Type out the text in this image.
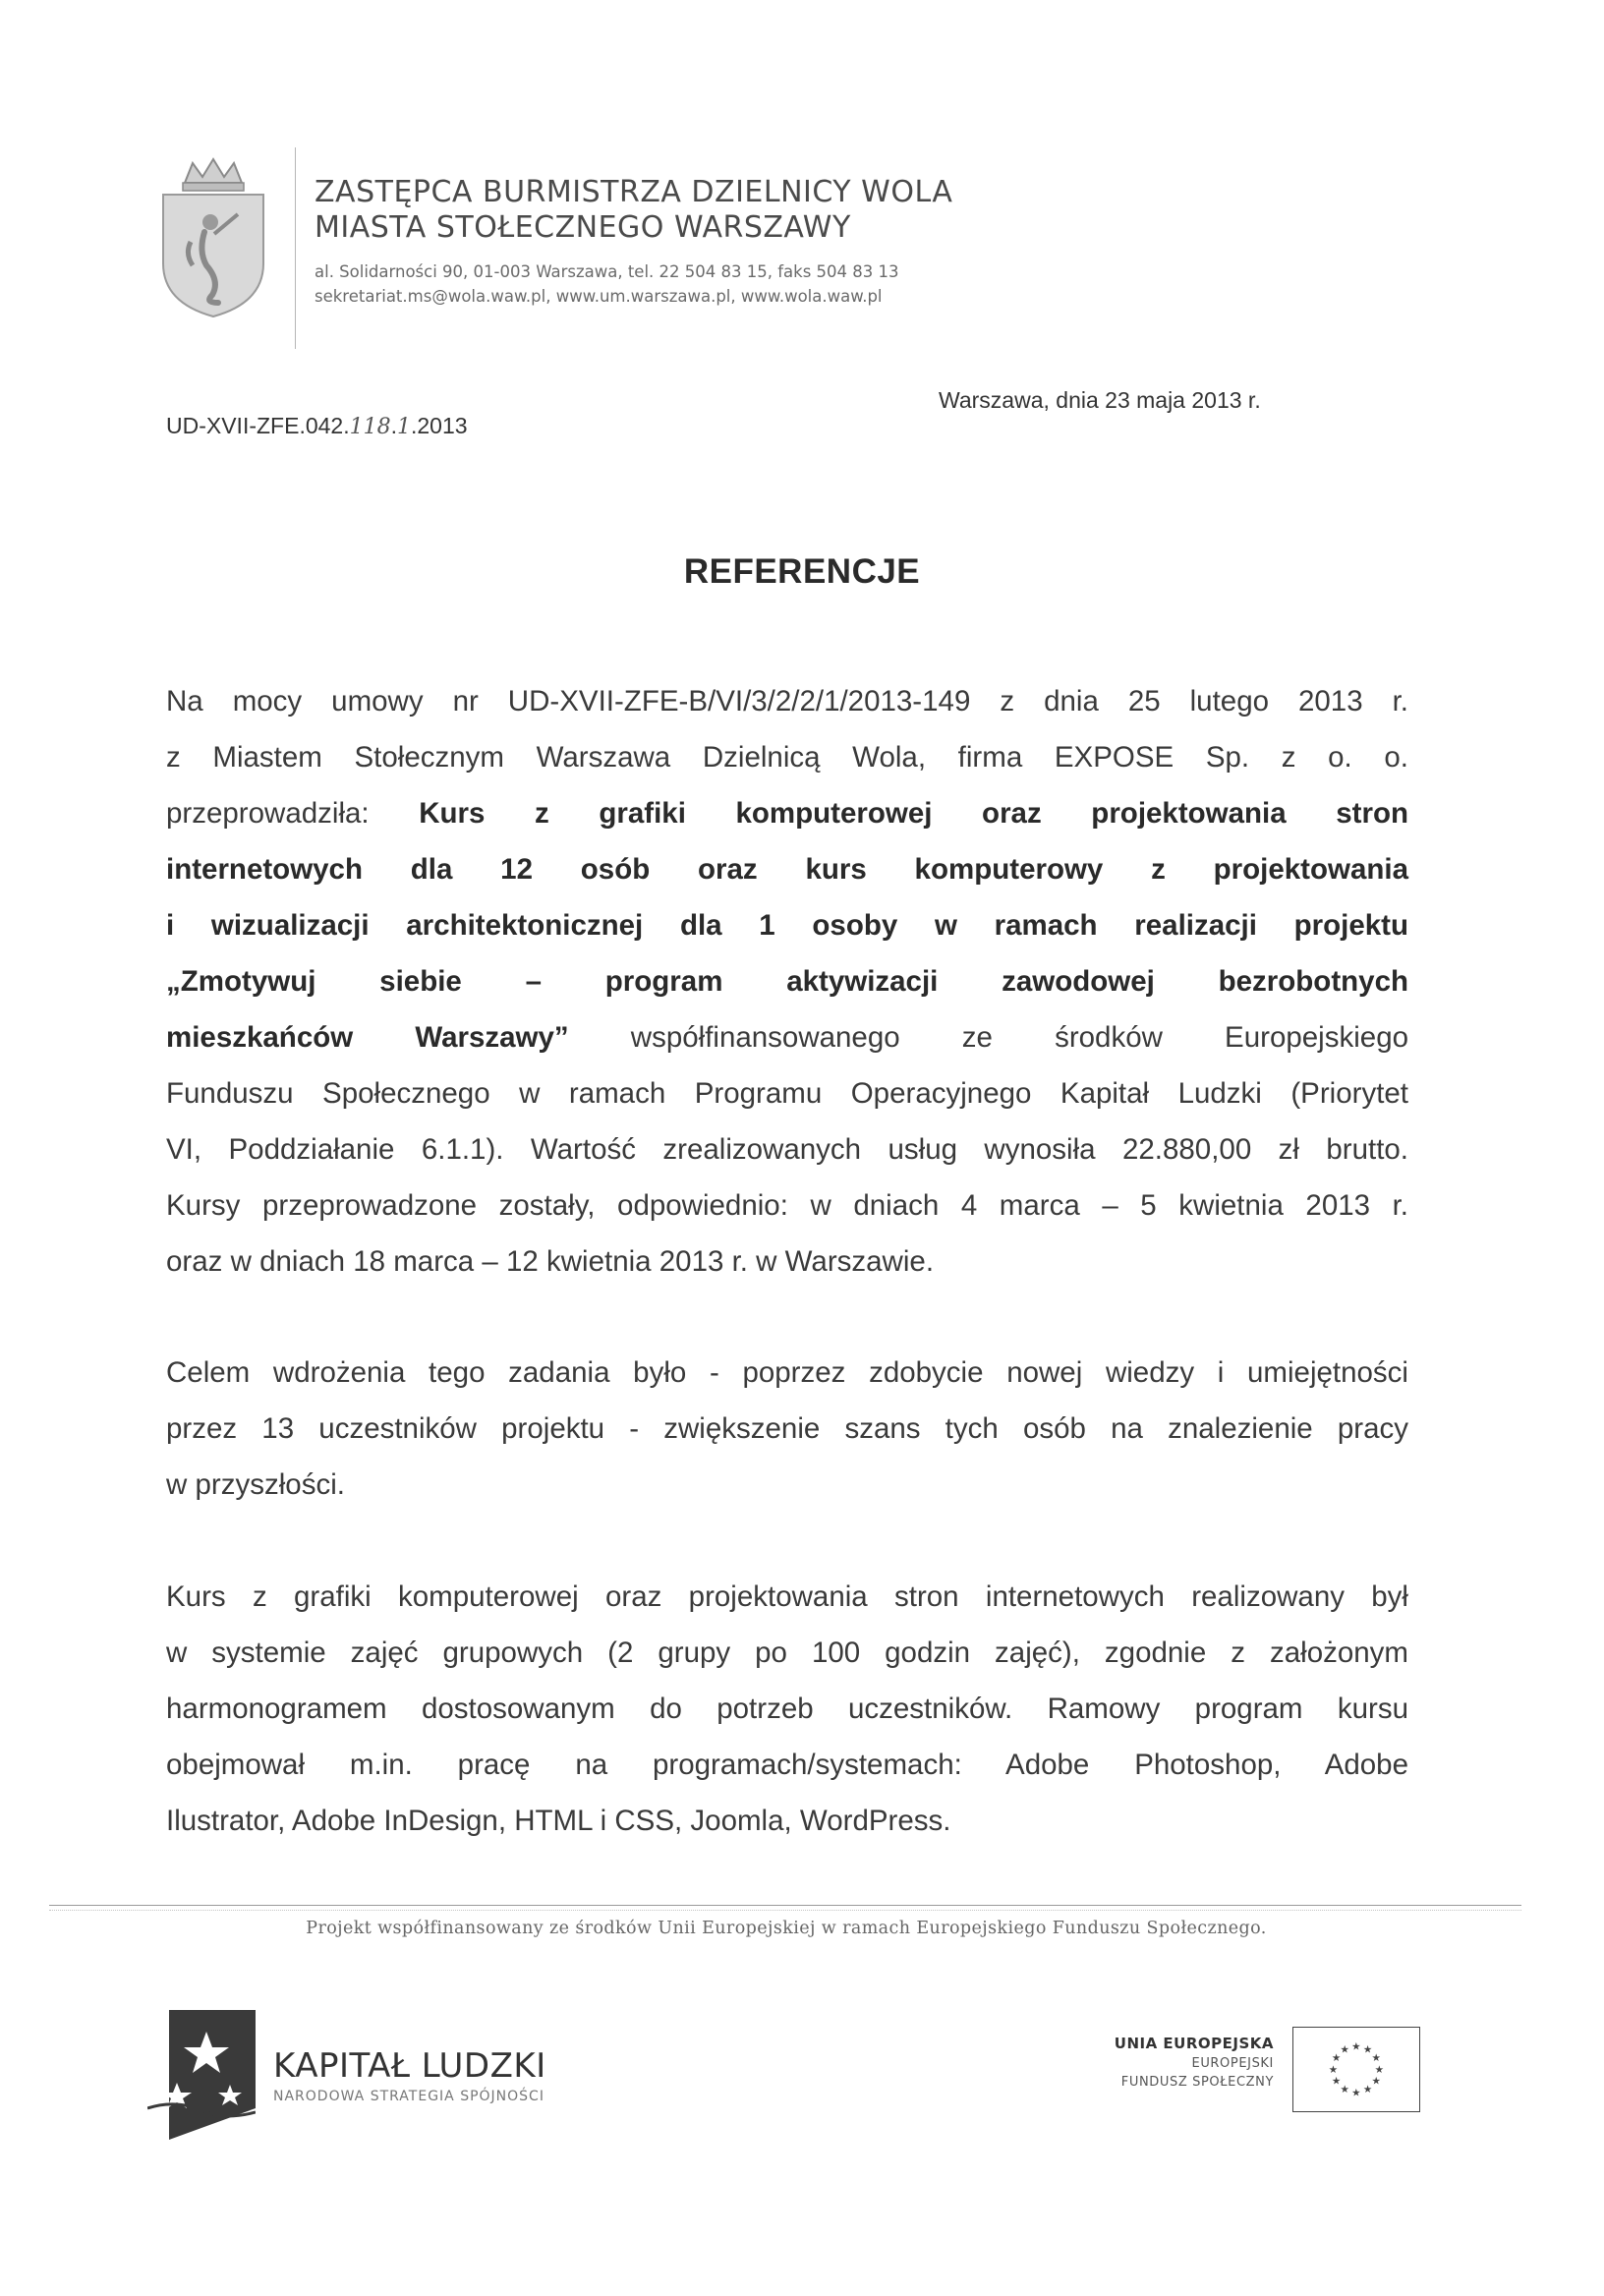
ZASTĘPCA BURMISTRZA DZIELNICY WOLA
MIASTA STOŁECZNEGO WARSZAWY
al. Solidarności 90, 01-003 Warszawa, tel. 22 504 83 15, faks 504 83 13
sekretariat.ms@wola.waw.pl, www.um.warszawa.pl, www.wola.waw.pl
UD-XVII-ZFE.042.118.1.2013
Warszawa, dnia 23 maja 2013 r.
REFERENCJE
Na mocy umowy nr UD-XVII-ZFE-B/VI/3/2/2/1/2013-149 z dnia 25 lutego 2013 r.
z Miastem Stołecznym Warszawa Dzielnicą Wola, firma EXPOSE Sp. z o. o.
przeprowadziła: Kurs z grafiki komputerowej oraz projektowania stron
internetowych dla 12 osób oraz kurs komputerowy z projektowania
i wizualizacji architektonicznej dla 1 osoby w ramach realizacji projektu
„Zmotywuj siebie – program aktywizacji zawodowej bezrobotnych
mieszkańców Warszawy” współfinansowanego ze środków Europejskiego
Funduszu Społecznego w ramach Programu Operacyjnego Kapitał Ludzki (Priorytet
VI, Poddziałanie 6.1.1). Wartość zrealizowanych usług wynosiła 22.880,00 zł brutto.
Kursy przeprowadzone zostały, odpowiednio: w dniach 4 marca – 5 kwietnia 2013 r.
oraz w dniach 18 marca – 12 kwietnia 2013 r. w Warszawie.
Celem wdrożenia tego zadania było - poprzez zdobycie nowej wiedzy i umiejętności
przez 13 uczestników projektu - zwiększenie szans tych osób na znalezienie pracy
w przyszłości.
Kurs z grafiki komputerowej oraz projektowania stron internetowych realizowany był
w systemie zajęć grupowych (2 grupy po 100 godzin zajęć), zgodnie z założonym
harmonogramem dostosowanym do potrzeb uczestników. Ramowy program kursu
obejmował m.in. pracę na programach/systemach: Adobe Photoshop, Adobe
Ilustrator, Adobe InDesign, HTML i CSS, Joomla, WordPress.
Projekt współfinansowany ze środków Unii Europejskiej w ramach Europejskiego Funduszu Społecznego.
KAPITAŁ LUDZKI
NARODOWA STRATEGIA SPÓJNOŚCI
UNIA EUROPEJSKA
EUROPEJSKI
FUNDUSZ SPOŁECZNY
★ ★
★
★
★
★
★
★
★
★
★
★
